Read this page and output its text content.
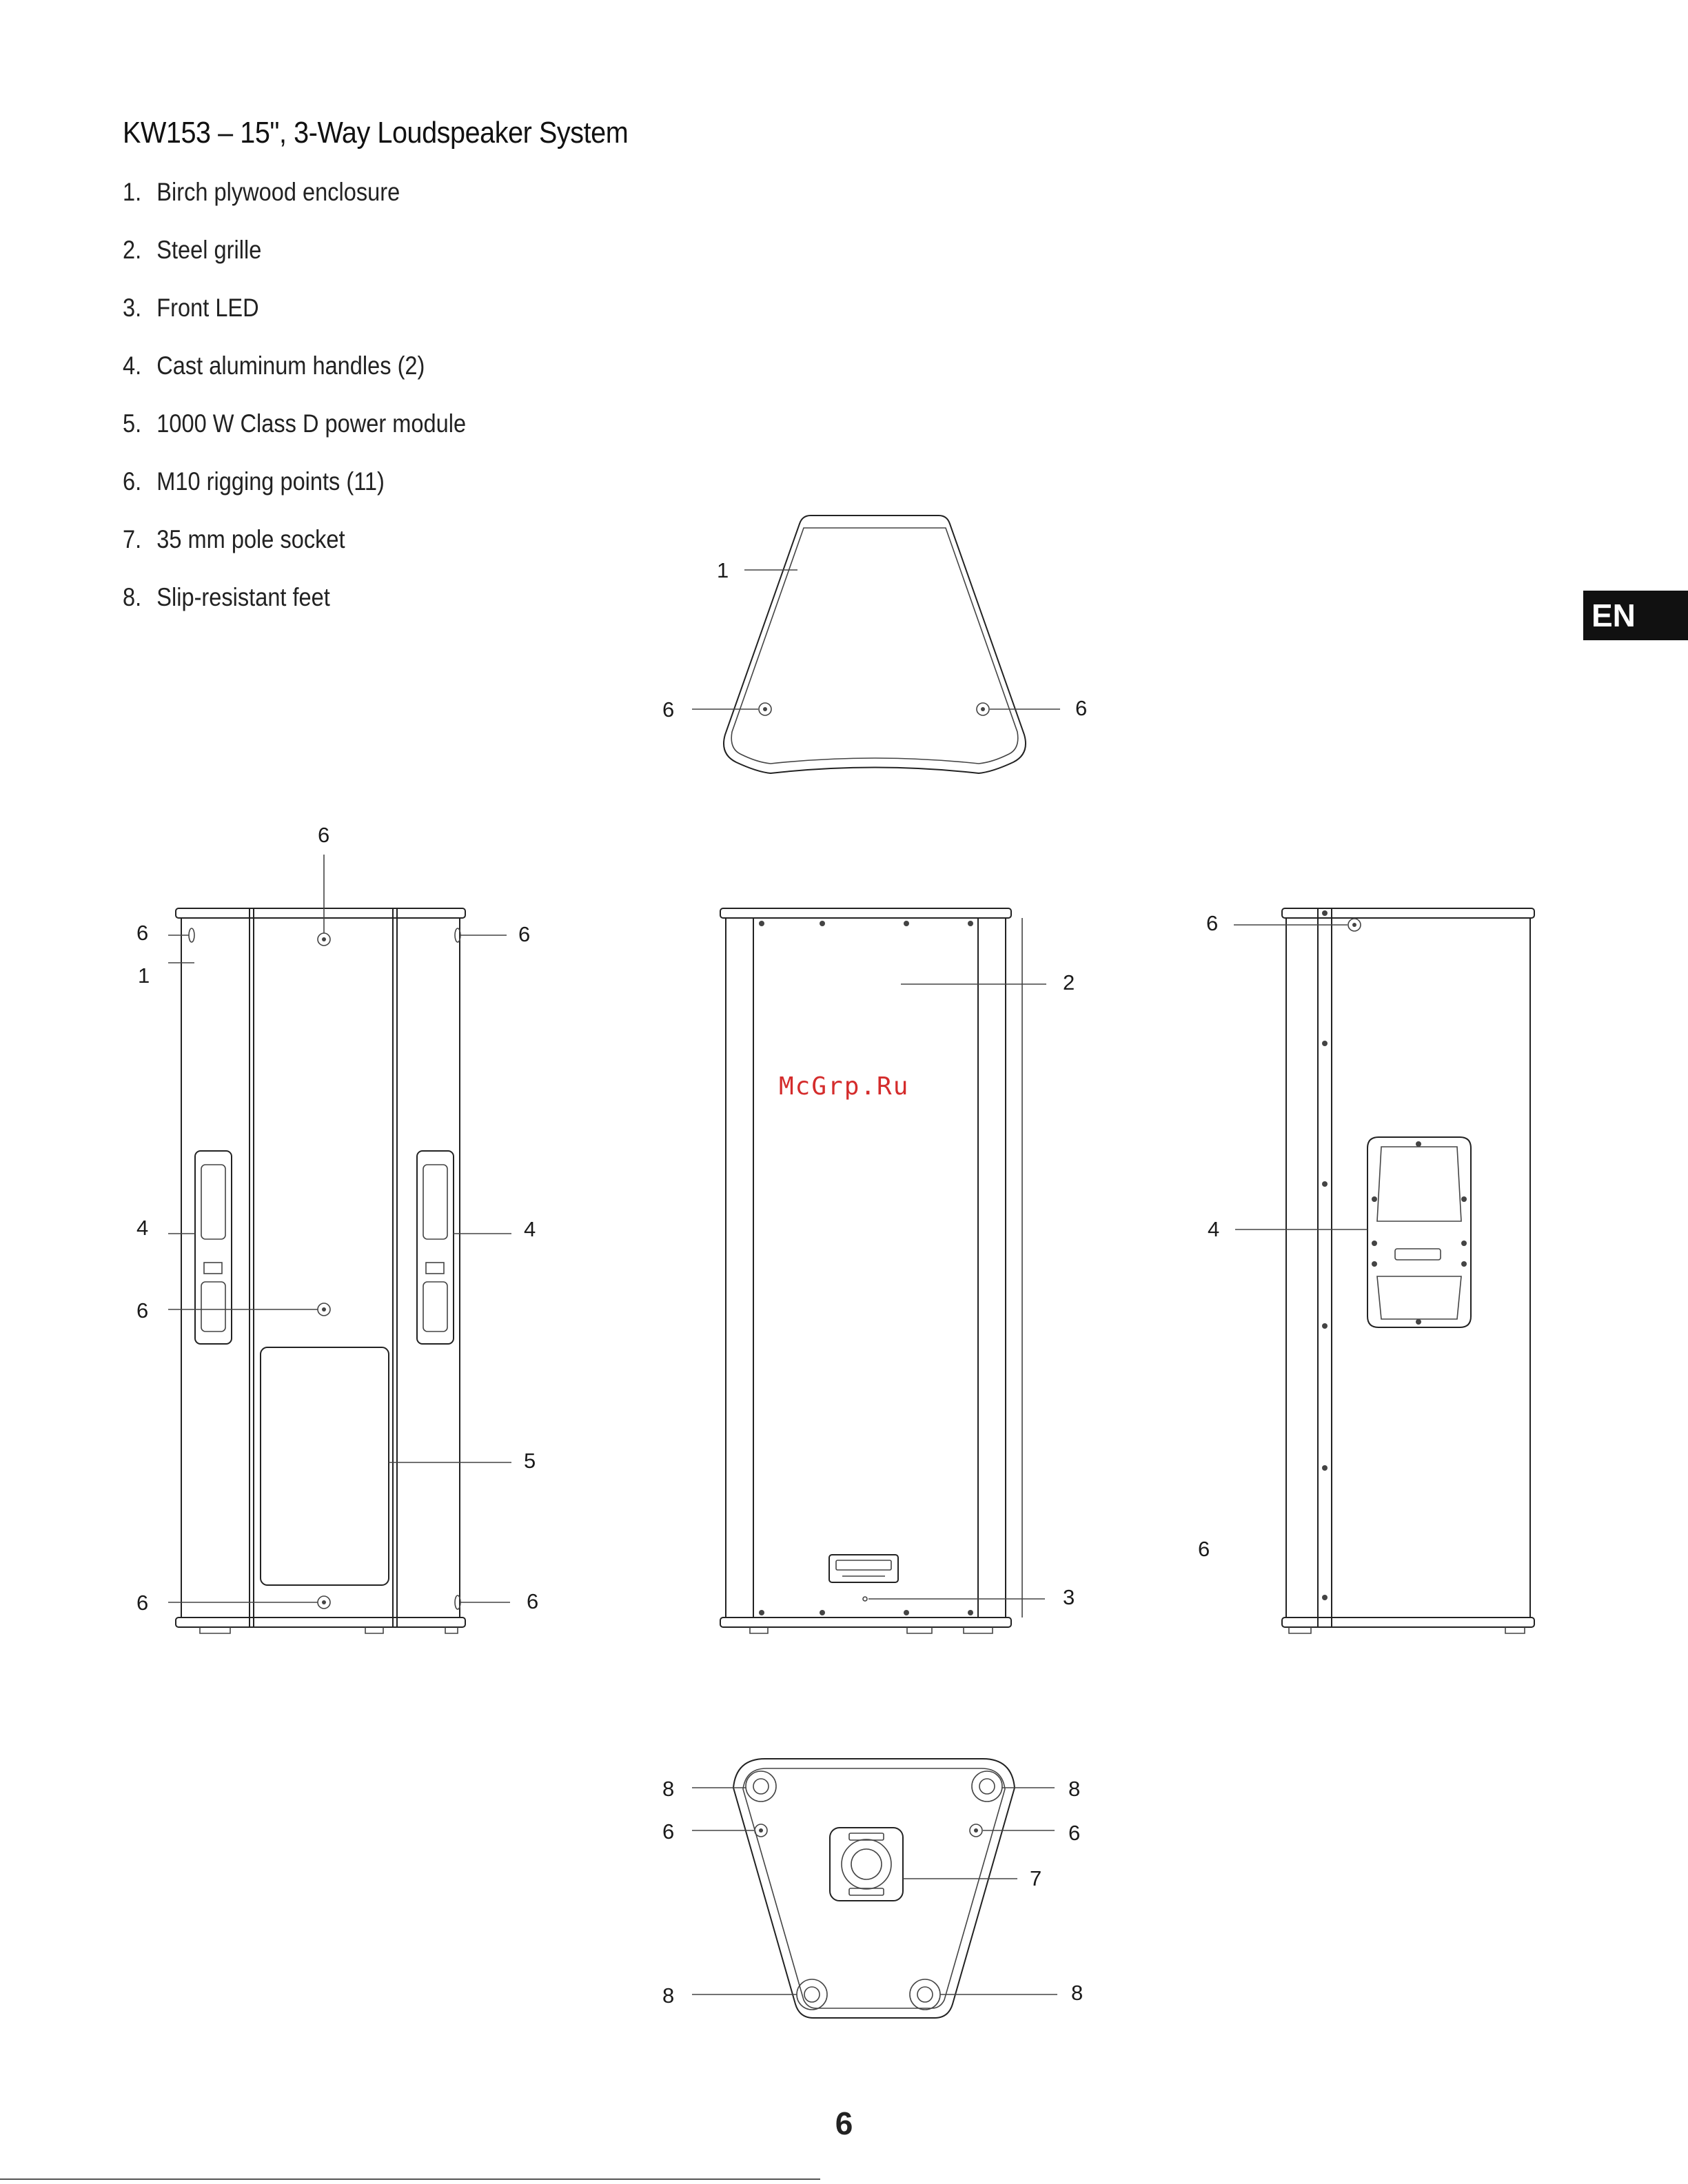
KW153 – 15", 3-Way Loudspeaker System
1. Birch plywood enclosure
2. Steel grille
3. Front LED
4. Cast aluminum handles (2)
5. 1000 W Class D power module
6. M10 rigging points (11)
7. 35 mm pole socket
8. Slip-resistant feet
EN
1
6	6
6
6	6
1
4	4
6
5
6	6
2
3
6
4
6
8	8
6	6
7
8	8
McGrp.Ru
6
